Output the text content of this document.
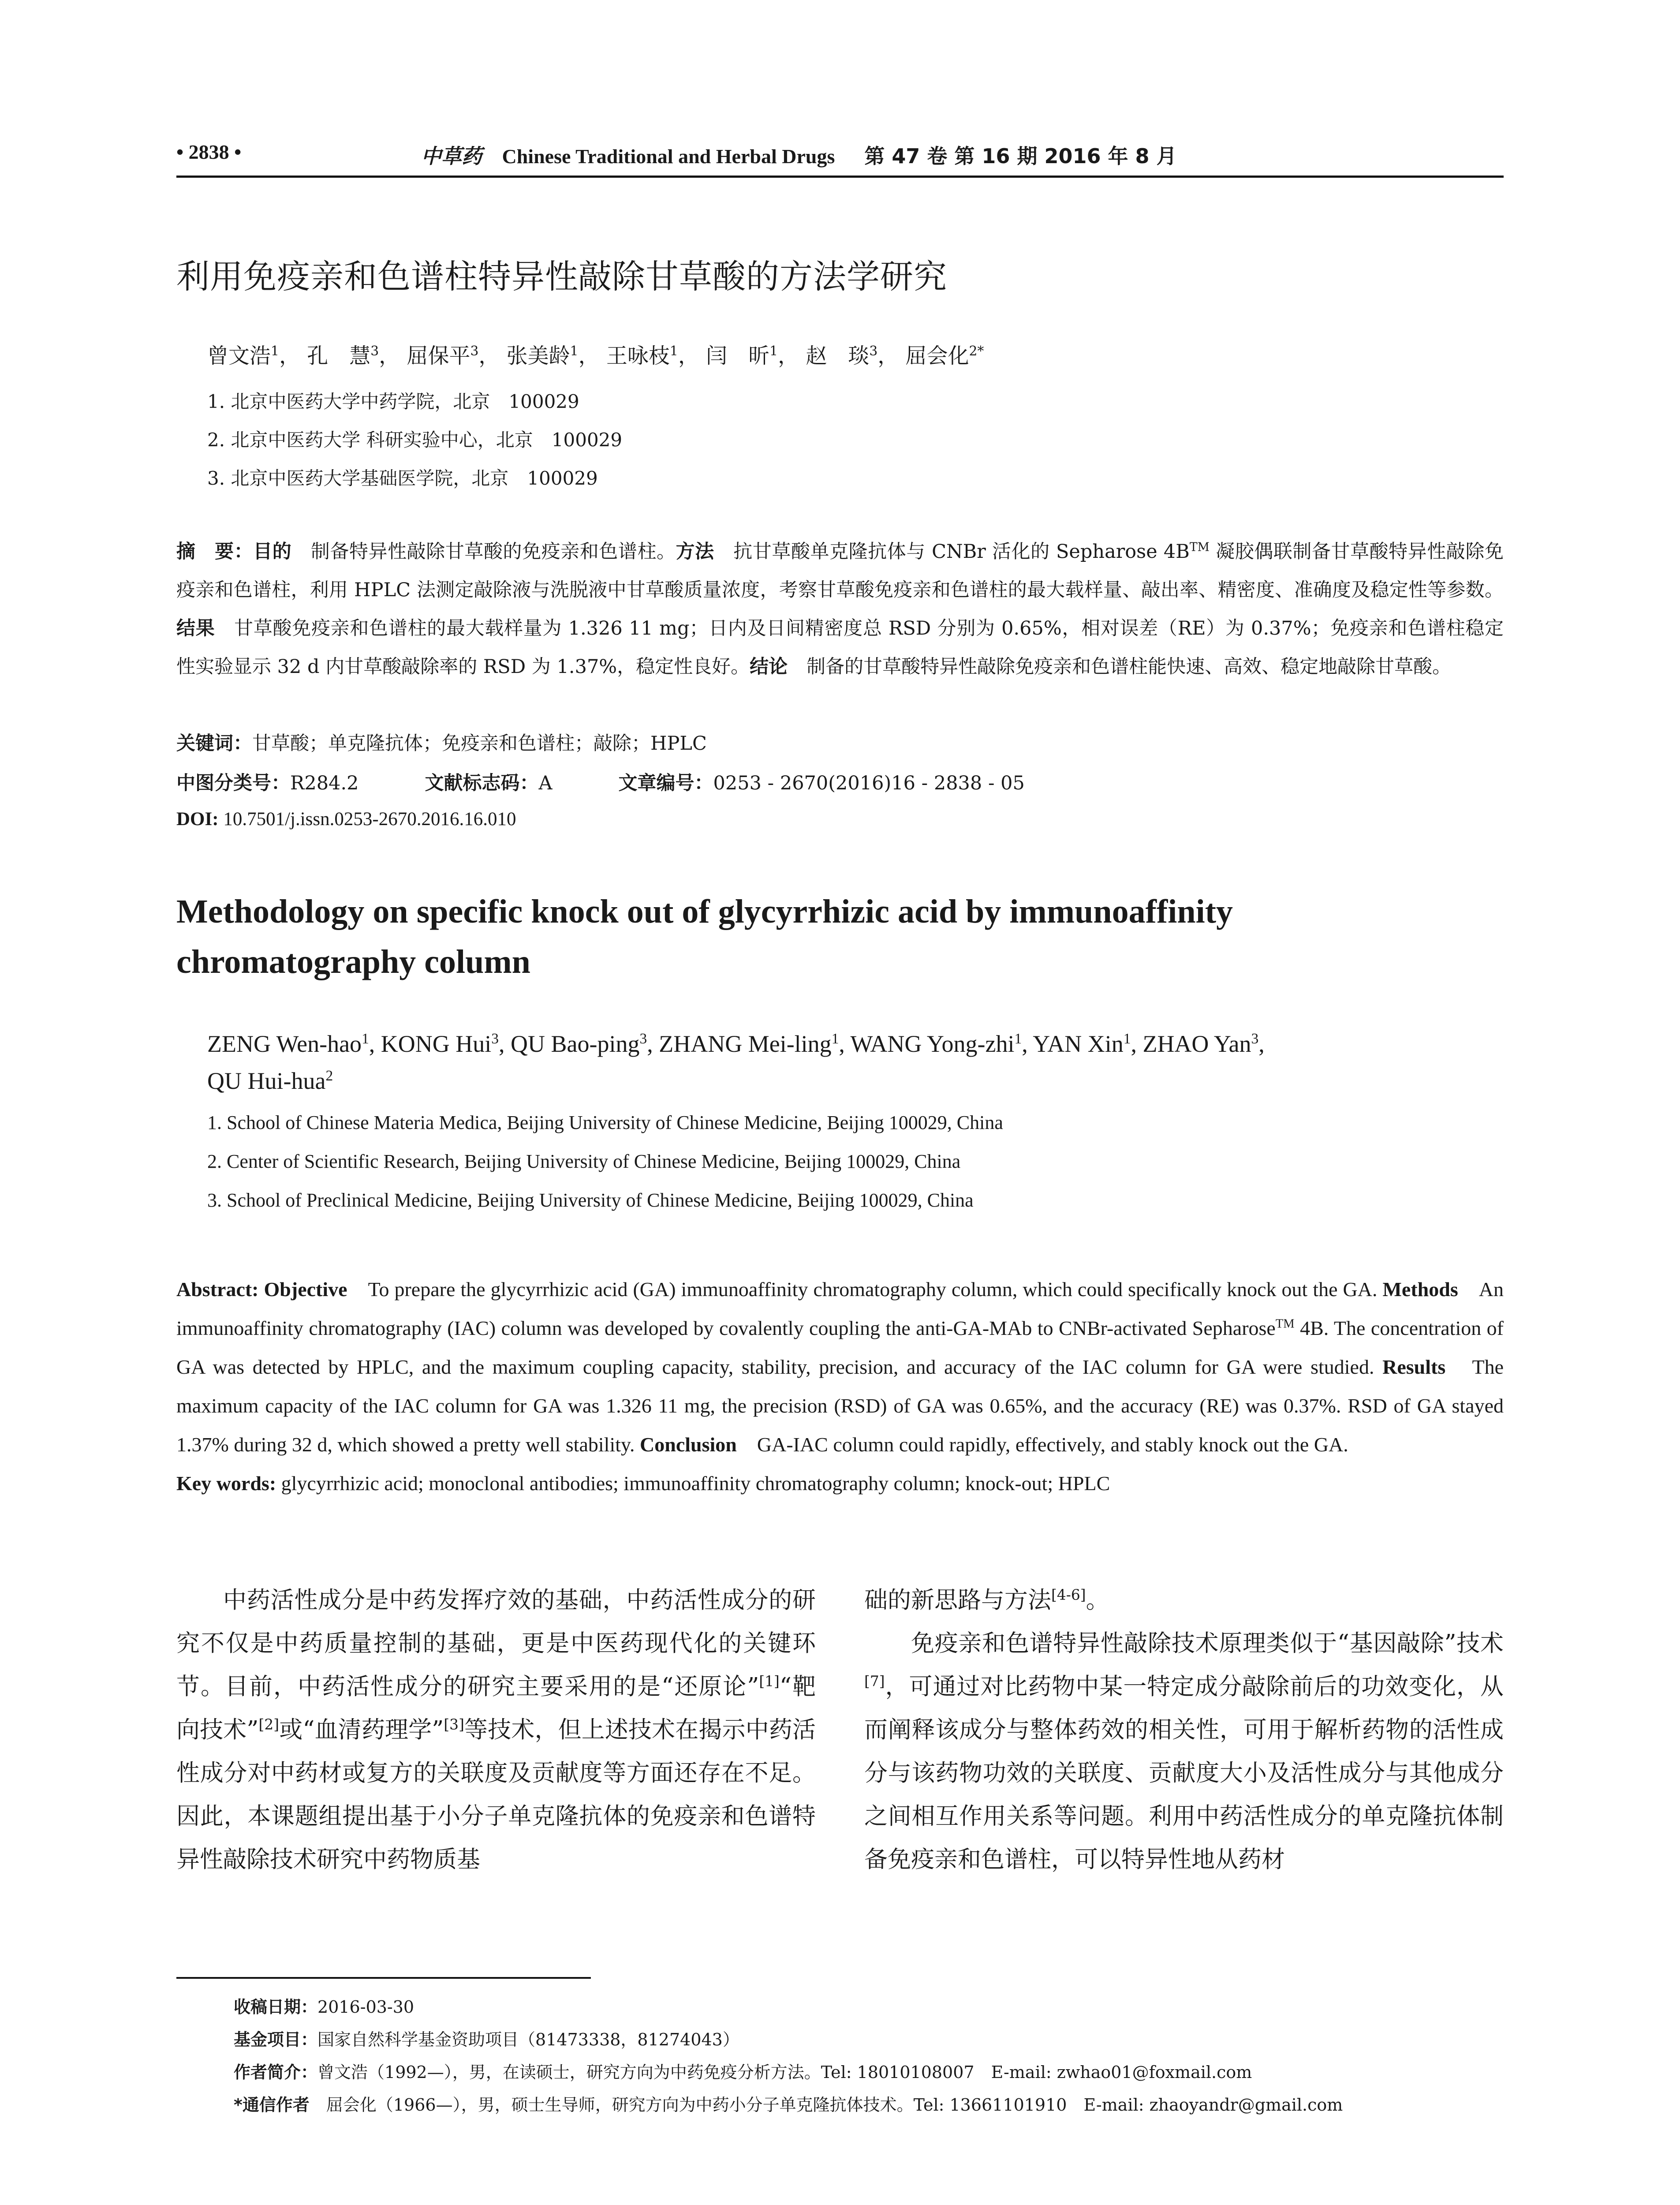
• 2838 •	中草药 Chinese Traditional and Herbal Drugs 第 47 卷 第 16 期 2016 年 8 月
利用免疫亲和色谱柱特异性敲除甘草酸的方法学研究
曾文浩$^1$， 孔　慧$^3$， 屈保平$^3$， 张美龄$^1$， 王咏枝$^1$， 闫　昕$^1$， 赵　琰$^3$， 屈会化$^{2*}$
1. 北京中医药大学中药学院，北京　100029
2. 北京中医药大学 科研实验中心，北京　100029
3. 北京中医药大学基础医学院，北京　100029
摘　要：目的　制备特异性敲除甘草酸的免疫亲和色谱柱。方法　抗甘草酸单克隆抗体与 CNBr 活化的 Sepharose 4B™ 凝胶偶联制备甘草酸特异性敲除免疫亲和色谱柱，利用 HPLC 法测定敲除液与洗脱液中甘草酸质量浓度，考察甘草酸免疫亲和色谱柱的最大载样量、敲出率、精密度、准确度及稳定性等参数。结果　甘草酸免疫亲和色谱柱的最大载样量为 1.326 11 mg；日内及日间精密度总 RSD 分别为 0.65%，相对误差（RE）为 0.37%；免疫亲和色谱柱稳定性实验显示 32 d 内甘草酸敲除率的 RSD 为 1.37%，稳定性良好。结论　制备的甘草酸特异性敲除免疫亲和色谱柱能快速、高效、稳定地敲除甘草酸。
关键词：甘草酸；单克隆抗体；免疫亲和色谱柱；敲除；HPLC
中图分类号：R284.2	文献标志码：A	文章编号：0253 - 2670(2016)16 - 2838 - 05
DOI: 10.7501/j.issn.0253-2670.2016.16.010
Methodology on specific knock out of glycyrrhizic acid by immunoaffinity
chromatography column
ZENG Wen-hao$^1$, KONG Hui$^3$, QU Bao-ping$^3$, ZHANG Mei-ling$^1$, WANG Yong-zhi$^1$, YAN Xin$^1$, ZHAO Yan$^3$,
QU Hui-hua$^2$
1. School of Chinese Materia Medica, Beijing University of Chinese Medicine, Beijing 100029, China
2. Center of Scientific Research, Beijing University of Chinese Medicine, Beijing 100029, China
3. School of Preclinical Medicine, Beijing University of Chinese Medicine, Beijing 100029, China
Abstract: Objective　To prepare the glycyrrhizic acid (GA) immunoaffinity chromatography column, which could specifically knock out the GA. Methods　An immunoaffinity chromatography (IAC) column was developed by covalently coupling the anti-GA-MAb to CNBr-activated Sepharose™ 4B. The concentration of GA was detected by HPLC, and the maximum coupling capacity, stability, precision, and accuracy of the IAC column for GA were studied. Results　The maximum capacity of the IAC column for GA was 1.326 11 mg, the precision (RSD) of GA was 0.65%, and the accuracy (RE) was 0.37%. RSD of GA stayed 1.37% during 32 d, which showed a pretty well stability. Conclusion　GA-IAC column could rapidly, effectively, and stably knock out the GA.
Key words: glycyrrhizic acid; monoclonal antibodies; immunoaffinity chromatography column; knock-out; HPLC

中药活性成分是中药发挥疗效的基础，中药活性成分的研究不仅是中药质量控制的基础，更是中医药现代化的关键环节。目前，中药活性成分的研究主要采用的是“还原论”[1]“靶向技术”[2]或“血清药理学”[3]等技术，但上述技术在揭示中药活性成分对中药材或复方的关联度及贡献度等方面还存在不足。因此，本课题组提出基于小分子单克隆抗体的免疫亲和色谱特异性敲除技术研究中药物质基

础的新思路与方法[4-6]。

免疫亲和色谱特异性敲除技术原理类似于“基因敲除”技术[7]，可通过对比药物中某一特定成分敲除前后的功效变化，从而阐释该成分与整体药效的相关性，可用于解析药物的活性成分与该药物功效的关联度、贡献度大小及活性成分与其他成分之间相互作用关系等问题。利用中药活性成分的单克隆抗体制备免疫亲和色谱柱，可以特异性地从药材

收稿日期：2016-03-30
基金项目：国家自然科学基金资助项目（81473338，81274043）
作者简介：曾文浩（1992—），男，在读硕士，研究方向为中药免疫分析方法。Tel: 18010108007　E-mail: zwhao01@foxmail.com
*通信作者　屈会化（1966—），男，硕士生导师，研究方向为中药小分子单克隆抗体技术。Tel: 13661101910　E-mail: zhaoyandr@gmail.com
